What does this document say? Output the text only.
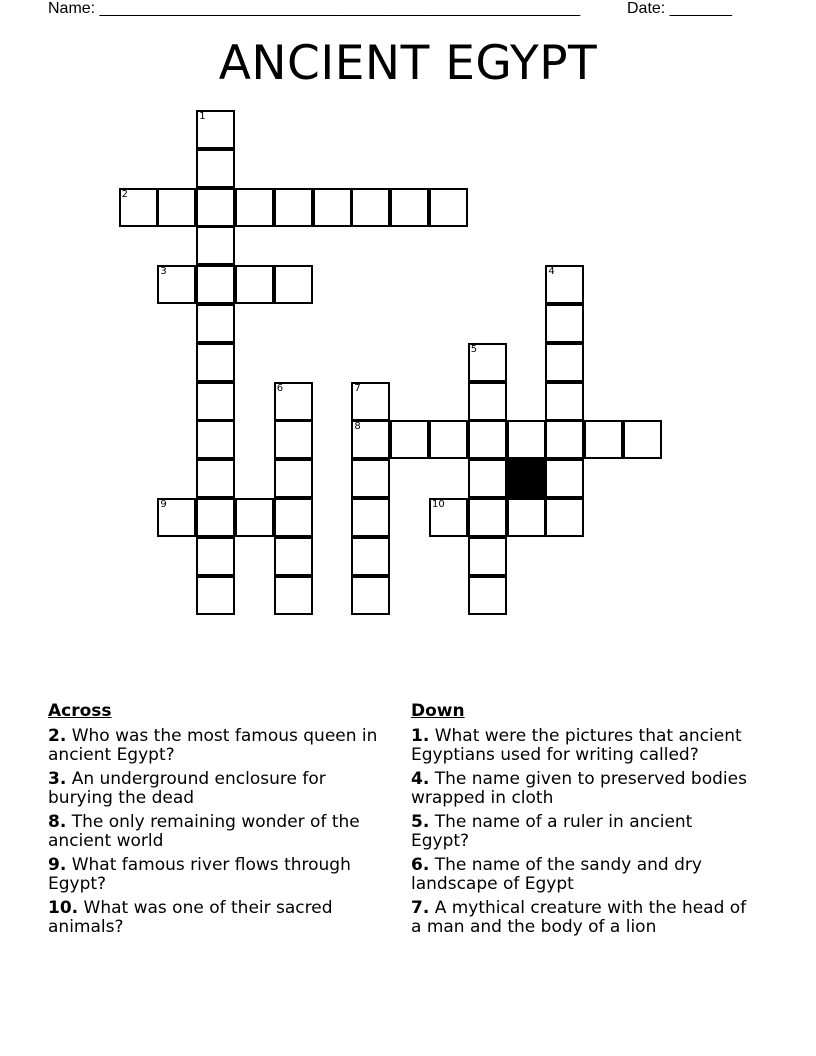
Name: ______________________________________________________	Date: _______
ANCIENT EGYPT
1
2
3	4
5
6	7
8
9	10
Across
2. Who was the most famous queen in ancient Egypt?
3. An underground enclosure for burying the dead
8. The only remaining wonder of the ancient world
9. What famous river flows through Egypt?
10. What was one of their sacred animals?
Down
1. What were the pictures that ancient Egyptians used for writing called?
4. The name given to preserved bodies wrapped in cloth
5. The name of a ruler in ancient Egypt?
6. The name of the sandy and dry landscape of Egypt
7. A mythical creature with the head of a man and the body of a lion
